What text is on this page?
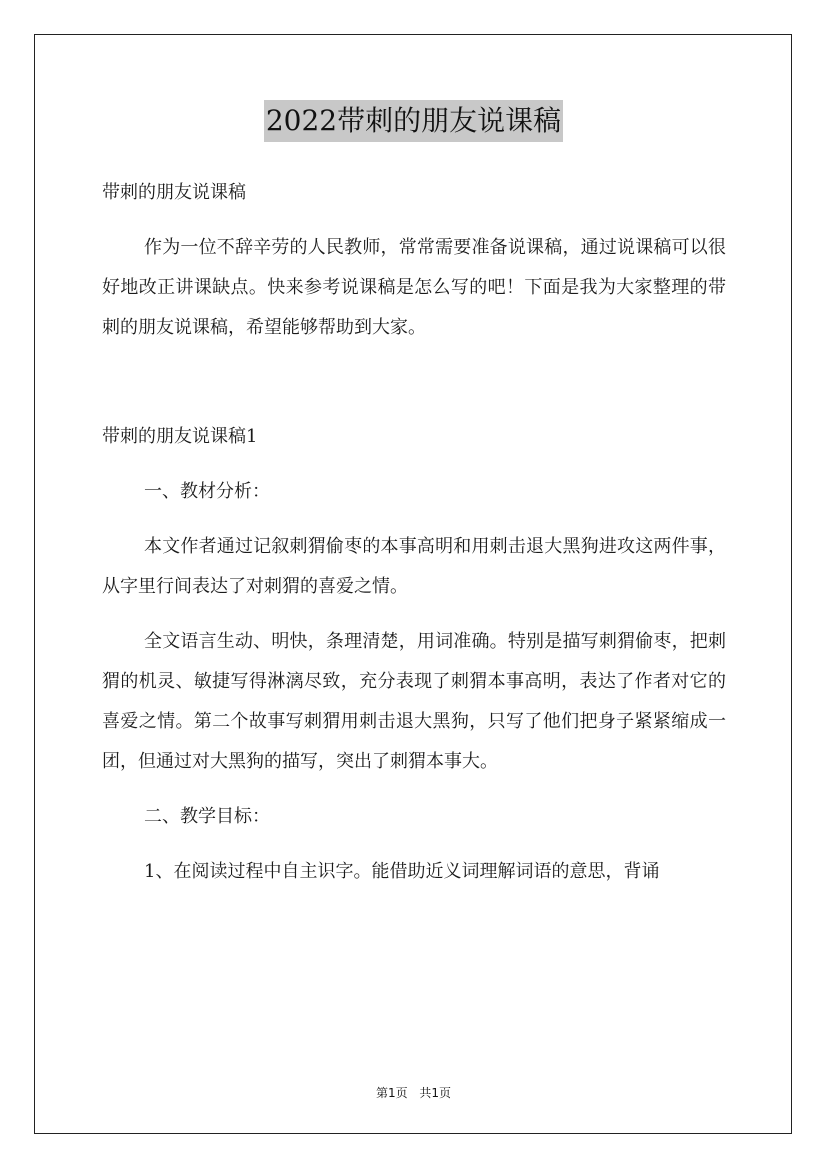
2022带刺的朋友说课稿

带刺的朋友说课稿

作为一位不辞辛劳的人民教师，常常需要准备说课稿，通过说课稿可以很好地改正讲课缺点。快来参考说课稿是怎么写的吧！下面是我为大家整理的带刺的朋友说课稿，希望能够帮助到大家。

带刺的朋友说课稿1

一、教材分析：

本文作者通过记叙刺猬偷枣的本事高明和用刺击退大黑狗进攻这两件事，从字里行间表达了对刺猬的喜爱之情。

全文语言生动、明快，条理清楚，用词准确。特别是描写刺猬偷枣，把刺猬的机灵、敏捷写得淋漓尽致，充分表现了刺猬本事高明，表达了作者对它的喜爱之情。第二个故事写刺猬用刺击退大黑狗，只写了他们把身子紧紧缩成一团，但通过对大黑狗的描写，突出了刺猬本事大。

二、教学目标：

1、在阅读过程中自主识字。能借助近义词理解词语的意思，背诵

第1页 共1页
